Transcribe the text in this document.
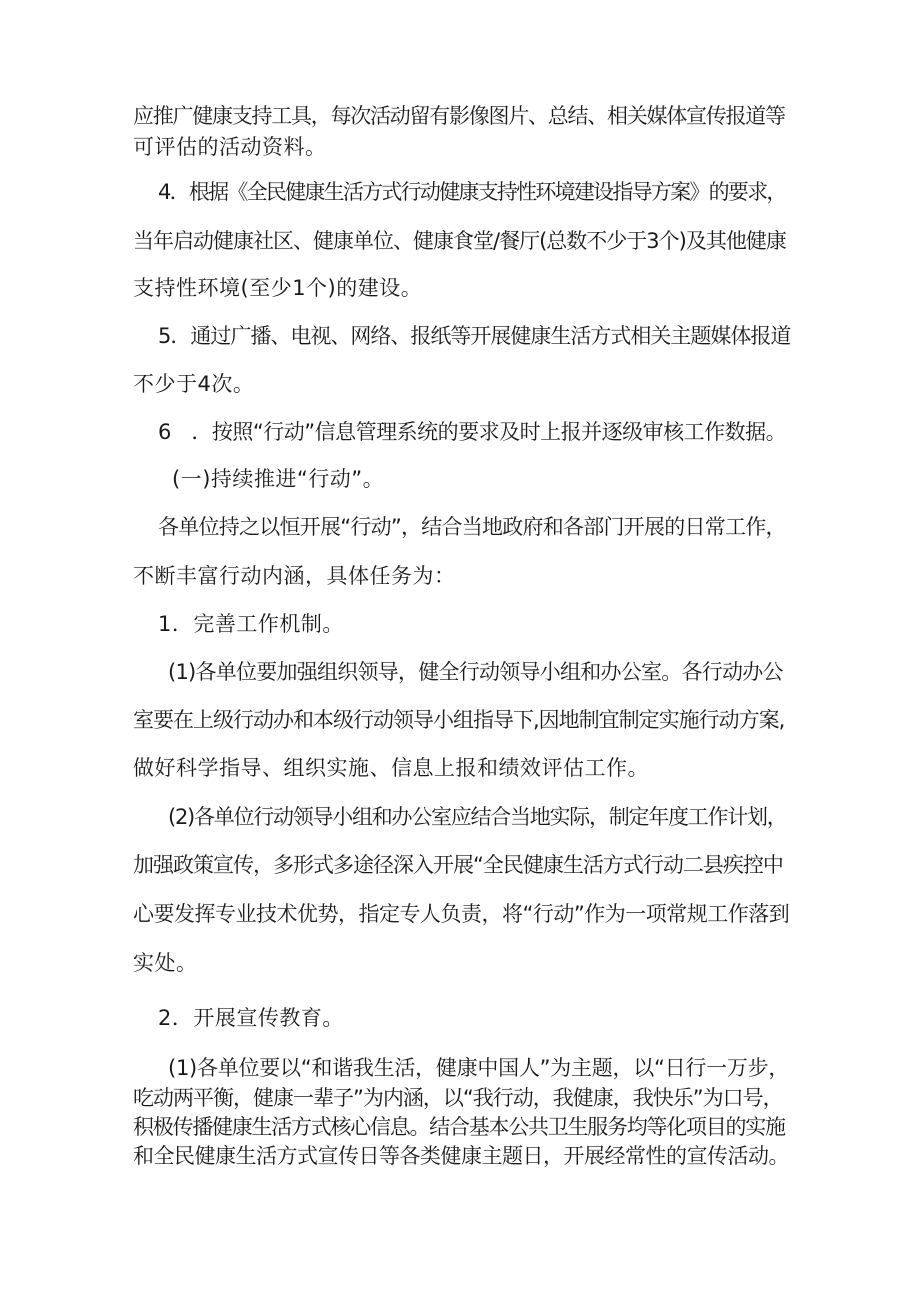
应推广健康支持工具，每次活动留有影像图片、总结、相关媒体宣传报道等
可评估的活动资料。
4．根据《全民健康生活方式行动健康支持性环境建设指导方案》的要求，
当年启动健康社区、健康单位、健康食堂/餐厅(总数不少于3个)及其他健康
支持性环境(至少1个)的建设。
5．通过广播、电视、网络、报纸等开展健康生活方式相关主题媒体报道
不少于4次。
6　．按照“行动”信息管理系统的要求及时上报并逐级审核工作数据。
(一)持续推进“行动”。
各单位持之以恒开展“行动”，结合当地政府和各部门开展的日常工作，
不断丰富行动内涵，具体任务为：
1．完善工作机制。
(1)各单位要加强组织领导，健全行动领导小组和办公室。各行动办公
室要在上级行动办和本级行动领导小组指导下,因地制宜制定实施行动方案,
做好科学指导、组织实施、信息上报和绩效评估工作。
(2)各单位行动领导小组和办公室应结合当地实际，制定年度工作计划，
加强政策宣传，多形式多途径深入开展“全民健康生活方式行动二县疾控中
心要发挥专业技术优势，指定专人负责，将“行动”作为一项常规工作落到
实处。
2．开展宣传教育。
(1)各单位要以“和谐我生活，健康中国人”为主题，以“日行一万步，
吃动两平衡，健康一辈子”为内涵，以“我行动，我健康，我快乐”为口号，
积极传播健康生活方式核心信息。结合基本公共卫生服务均等化项目的实施
和全民健康生活方式宣传日等各类健康主题日，开展经常性的宣传活动。
